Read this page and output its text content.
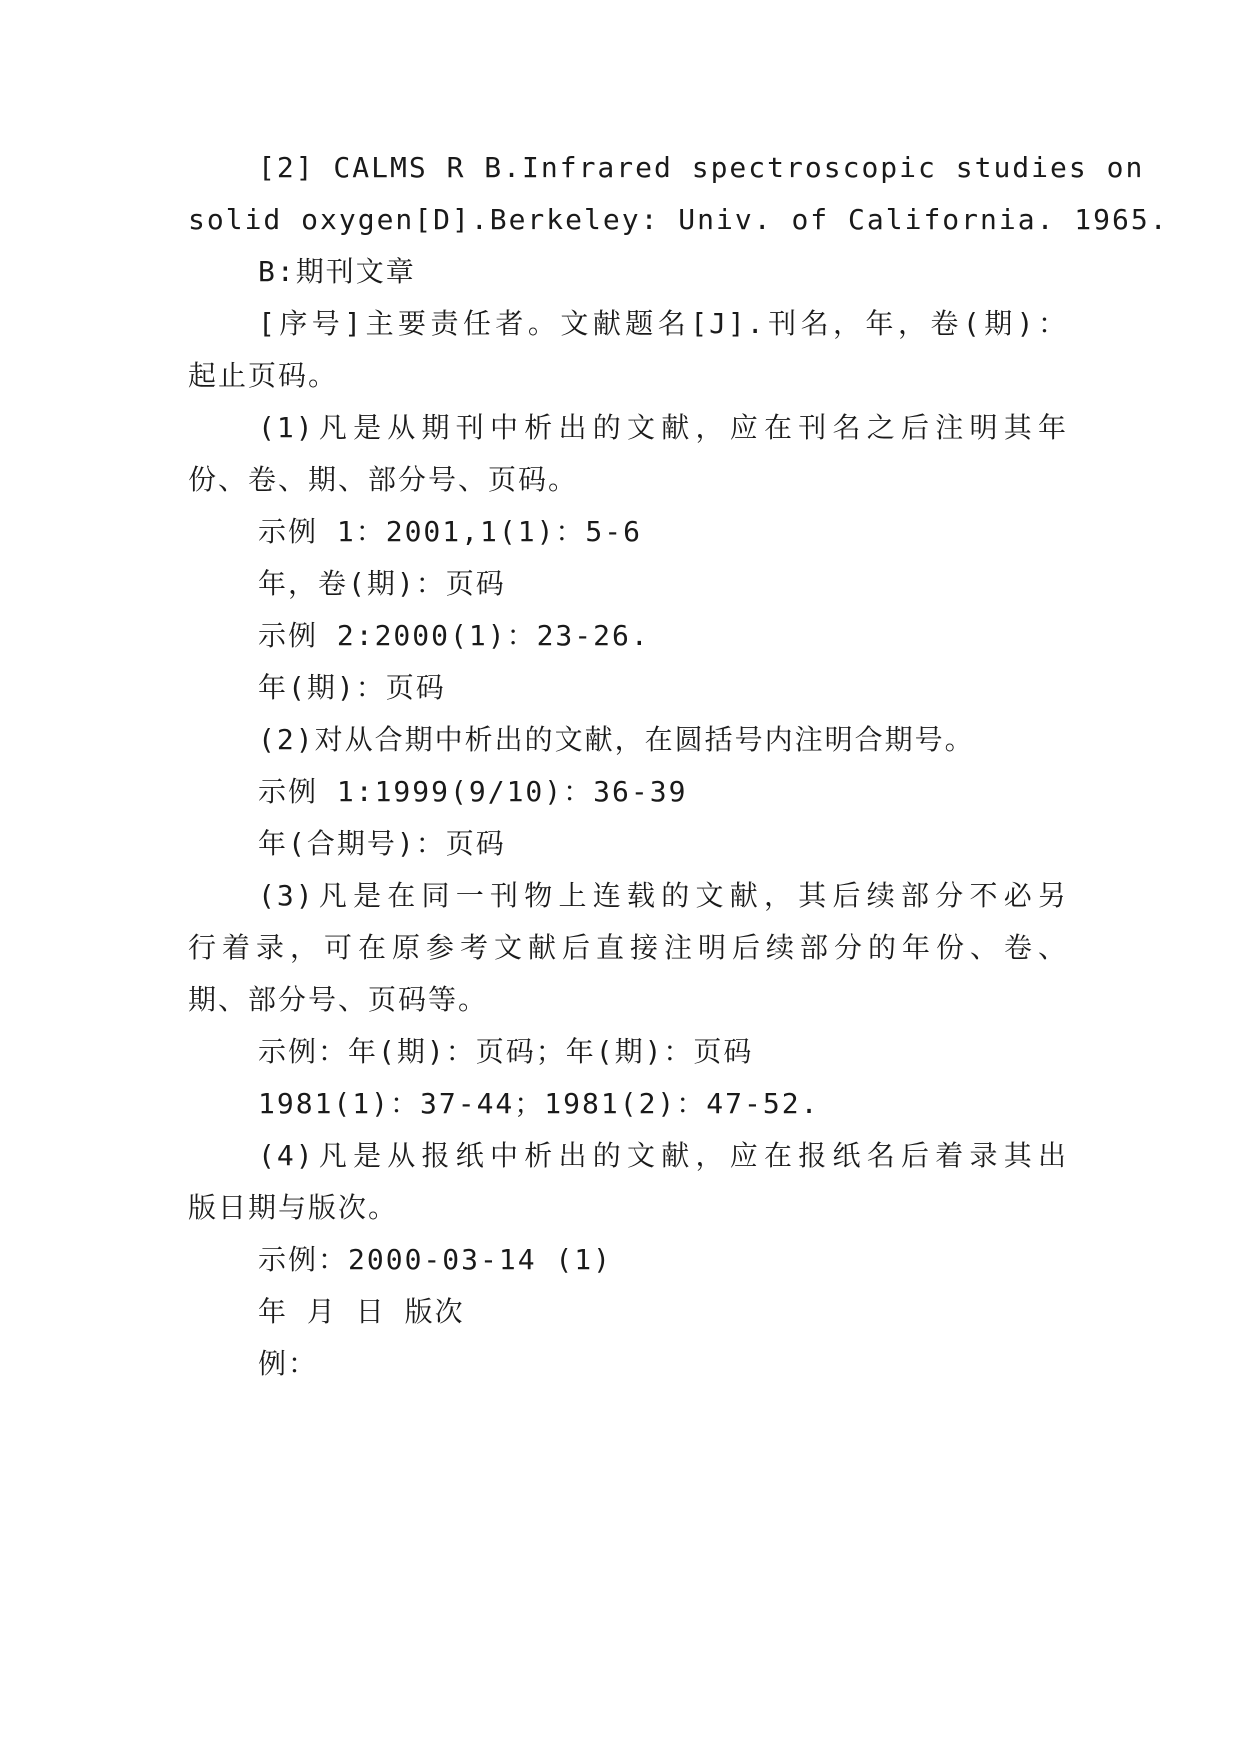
[2] CALMS R B.Infrared spectroscopic studies on
solid oxygen[D].Berkeley: Univ. of California. 1965.
B:期刊文章
[序号]主要责任者。文献题名[J].刊名，年，卷(期)：
起止页码。
(1)凡是从期刊中析出的文献，应在刊名之后注明其年
份、卷、期、部分号、页码。
示例 1：2001,1(1)：5-6
年，卷(期)：页码
示例 2:2000(1)：23-26.
年(期)：页码
(2)对从合期中析出的文献，在圆括号内注明合期号。
示例 1:1999(9/10)：36-39
年(合期号)：页码
(3)凡是在同一刊物上连载的文献，其后续部分不必另
行着录，可在原参考文献后直接注明后续部分的年份、卷、
期、部分号、页码等。
示例：年(期)：页码；年(期)：页码
1981(1)：37-44；1981(2)：47-52.
(4)凡是从报纸中析出的文献，应在报纸名后着录其出
版日期与版次。
示例：2000-03-14 (1)
年 月 日 版次
例：
